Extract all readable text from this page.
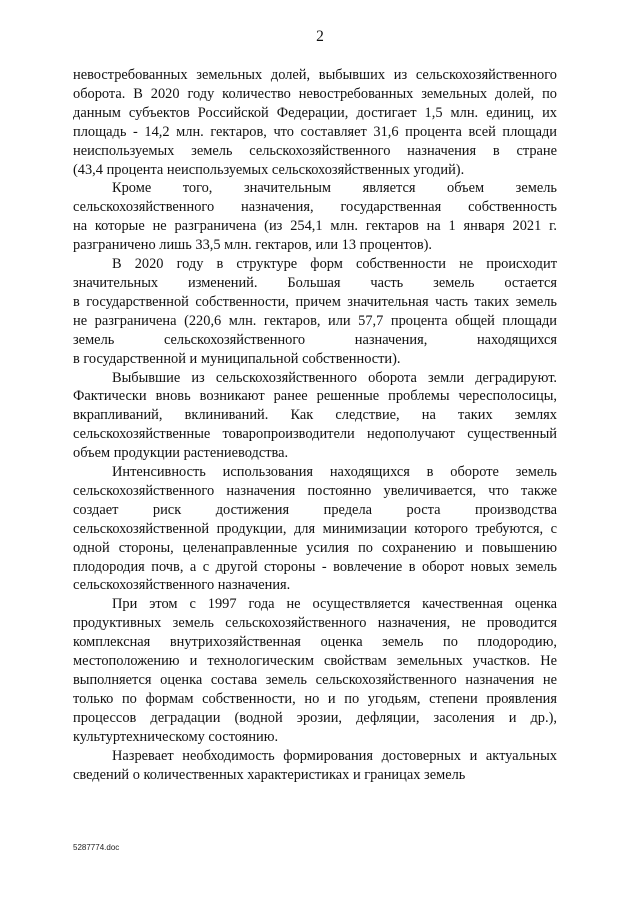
2
невостребованных земельных долей, выбывших из сельскохозяйственного
оборота. В 2020 году количество невостребованных земельных долей, по
данным субъектов Российской Федерации, достигает 1,5 млн. единиц, их
площадь - 14,2 млн. гектаров, что составляет 31,6 процента всей площади
неиспользуемых земель сельскохозяйственного назначения в стране
(43,4 процента неиспользуемых сельскохозяйственных угодий).
Кроме того, значительным является объем земель
сельскохозяйственного назначения, государственная собственность
на которые не разграничена (из 254,1 млн. гектаров на 1 января 2021 г.
разграничено лишь 33,5 млн. гектаров, или 13 процентов).
В 2020 году в структуре форм собственности не происходит
значительных изменений. Большая часть земель остается
в государственной собственности, причем значительная часть таких земель
не разграничена (220,6 млн. гектаров, или 57,7 процента общей площади
земель сельскохозяйственного назначения, находящихся
в государственной и муниципальной собственности).
Выбывшие из сельскохозяйственного оборота земли деградируют.
Фактически вновь возникают ранее решенные проблемы чересполосицы,
вкрапливаний, вклиниваний. Как следствие, на таких землях
сельскохозяйственные товаропроизводители недополучают существенный
объем продукции растениеводства.
Интенсивность использования находящихся в обороте земель
сельскохозяйственного назначения постоянно увеличивается, что также
создает риск достижения предела роста производства
сельскохозяйственной продукции, для минимизации которого требуются, с
одной стороны, целенаправленные усилия по сохранению и повышению
плодородия почв, а с другой стороны - вовлечение в оборот новых земель
сельскохозяйственного назначения.
При этом с 1997 года не осуществляется качественная оценка
продуктивных земель сельскохозяйственного назначения, не проводится
комплексная внутрихозяйственная оценка земель по плодородию,
местоположению и технологическим свойствам земельных участков. Не
выполняется оценка состава земель сельскохозяйственного назначения не
только по формам собственности, но и по угодьям, степени проявления
процессов деградации (водной эрозии, дефляции, засоления и др.),
культуртехническому состоянию.
Назревает необходимость формирования достоверных и актуальных
сведений о количественных характеристиках и границах земель
5287774.doc
